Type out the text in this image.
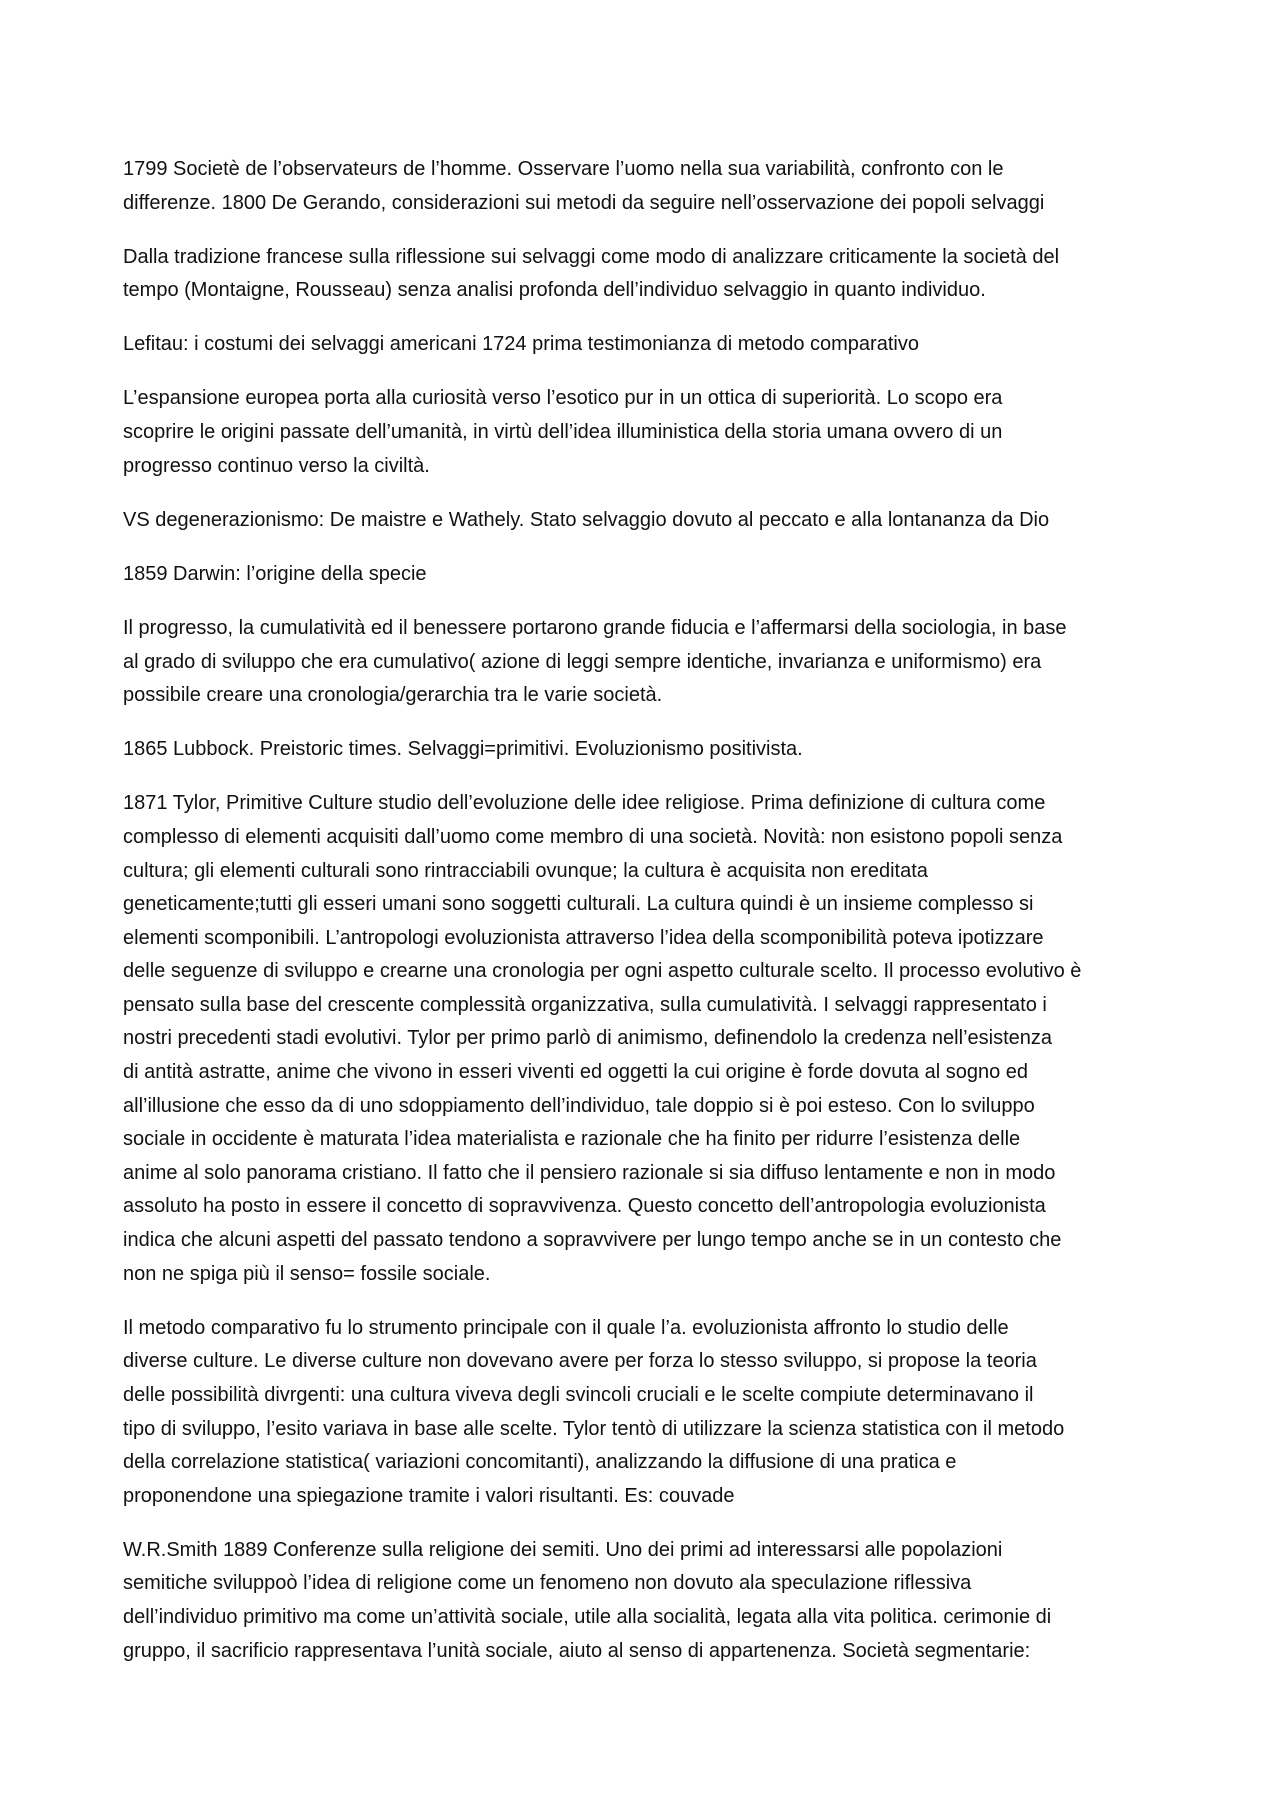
1799 Societè de l’observateurs de l’homme. Osservare l’uomo nella sua variabilità, confronto con le
differenze. 1800 De Gerando, considerazioni sui metodi da seguire nell’osservazione dei popoli selvaggi

Dalla tradizione francese sulla riflessione sui selvaggi come modo di analizzare criticamente la società del
tempo (Montaigne, Rousseau) senza analisi profonda dell’individuo selvaggio in quanto individuo.

Lefitau: i costumi dei selvaggi americani 1724 prima testimonianza di metodo comparativo

L’espansione europea porta alla curiosità verso l’esotico pur in un ottica di superiorità. Lo scopo era
scoprire le origini passate dell’umanità, in virtù dell’idea illuministica della storia umana ovvero di un
progresso continuo verso la civiltà.

VS degenerazionismo: De maistre e Wathely. Stato selvaggio dovuto al peccato e alla lontananza da Dio

1859 Darwin: l’origine della specie

Il progresso, la cumulatività ed il benessere portarono grande fiducia e l’affermarsi della sociologia, in base
al grado di sviluppo che era cumulativo( azione di leggi sempre identiche, invarianza e uniformismo) era
possibile creare una cronologia/gerarchia tra le varie società.

1865 Lubbock. Preistoric times. Selvaggi=primitivi. Evoluzionismo positivista.

1871 Tylor, Primitive Culture studio dell’evoluzione delle idee religiose. Prima definizione di cultura come
complesso di elementi acquisiti dall’uomo come membro di una società. Novità: non esistono popoli senza
cultura; gli elementi culturali sono rintracciabili ovunque; la cultura è acquisita non ereditata
geneticamente;tutti gli esseri umani sono soggetti culturali. La cultura quindi è un insieme complesso si
elementi scomponibili. L’antropologi evoluzionista attraverso l’idea della scomponibilità poteva ipotizzare
delle seguenze di sviluppo e crearne una cronologia per ogni aspetto culturale scelto. Il processo evolutivo è
pensato sulla base del crescente complessità organizzativa, sulla cumulatività. I selvaggi rappresentato i
nostri precedenti stadi evolutivi. Tylor per primo parlò di animismo, definendolo la credenza nell’esistenza
di antità astratte, anime che vivono in esseri viventi ed oggetti la cui origine è forde dovuta al sogno ed
all’illusione che esso da di uno sdoppiamento dell’individuo, tale doppio si è poi esteso. Con lo sviluppo
sociale in occidente è maturata l’idea materialista e razionale che ha finito per ridurre l’esistenza delle
anime al solo panorama cristiano. Il fatto che il pensiero razionale si sia diffuso lentamente e non in modo
assoluto ha posto in essere il concetto di sopravvivenza. Questo concetto dell’antropologia evoluzionista
indica che alcuni aspetti del passato tendono a sopravvivere per lungo tempo anche se in un contesto che
non ne spiga più il senso= fossile sociale.

Il metodo comparativo fu lo strumento principale con il quale l’a. evoluzionista affronto lo studio delle
diverse culture. Le diverse culture non dovevano avere per forza lo stesso sviluppo, si propose la teoria
delle possibilità divrgenti: una cultura viveva degli svincoli cruciali e le scelte compiute determinavano il
tipo di sviluppo, l’esito variava in base alle scelte. Tylor tentò di utilizzare la scienza statistica con il metodo
della correlazione statistica( variazioni concomitanti), analizzando la diffusione di una pratica e
proponendone una spiegazione tramite i valori risultanti. Es: couvade

W.R.Smith 1889 Conferenze sulla religione dei semiti. Uno dei primi ad interessarsi alle popolazioni
semitiche sviluppoò l’idea di religione come un fenomeno non dovuto ala speculazione riflessiva
dell’individuo primitivo ma come un’attività sociale, utile alla socialità, legata alla vita politica. cerimonie di
gruppo, il sacrificio rappresentava l’unità sociale, aiuto al senso di appartenenza. Società segmentarie:
